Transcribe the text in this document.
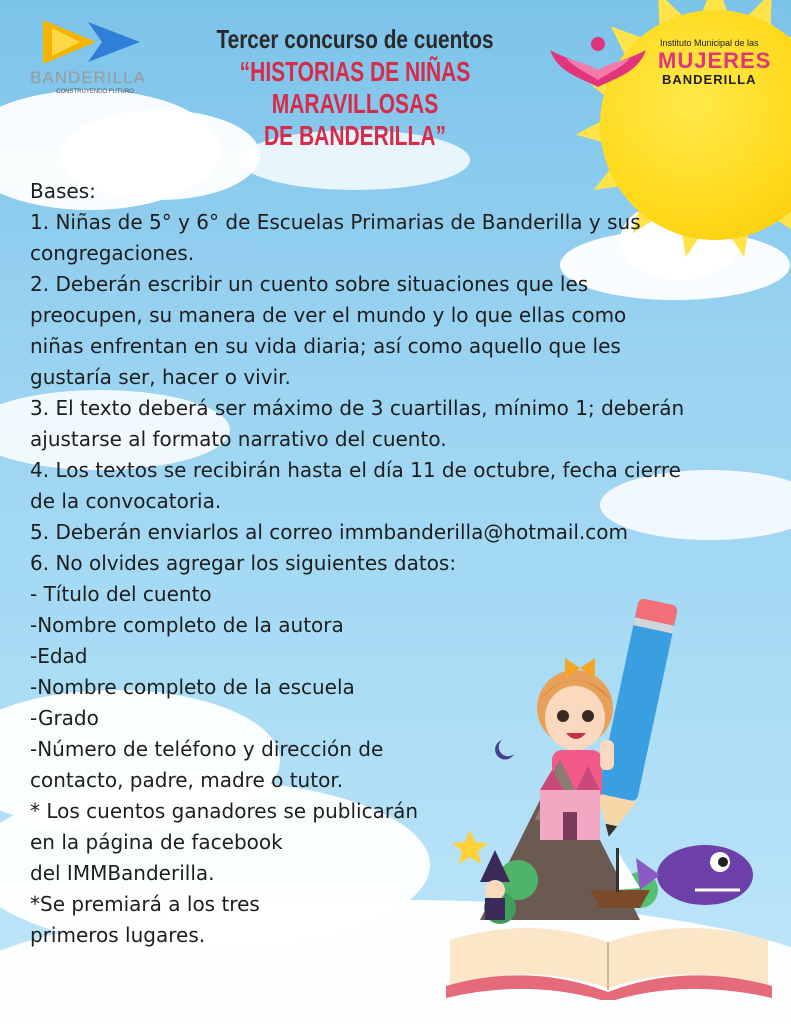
BANDERILLA
CONSTRUYENDO FUTURO
Tercer concurso de cuentos
“HISTORIAS DE NIÑAS MARAVILLOSAS
DE BANDERILLA”
Instituto Municipal de las
MUJERES
BANDERILLA
Bases:
1. Niñas de 5° y 6° de Escuelas Primarias de Banderilla y sus
congregaciones.
2. Deberán escribir un cuento sobre situaciones que les
preocupen, su manera de ver el mundo y lo que ellas como
niñas enfrentan en su vida diaria; así como aquello que les
gustaría ser, hacer o vivir.
3. El texto deberá ser máximo de 3 cuartillas, mínimo 1; deberán
ajustarse al formato narrativo del cuento.
4. Los textos se recibirán hasta el día 11 de octubre, fecha cierre
de la convocatoria.
5. Deberán enviarlos al correo immbanderilla@hotmail.com
6. No olvides agregar los siguientes datos:
- Título del cuento
-Nombre completo de la autora
-Edad
-Nombre completo de la escuela
-Grado
-Número de teléfono y dirección de
contacto, padre, madre o tutor.
* Los cuentos ganadores se publicarán
en la página de facebook
del IMMBanderilla.
*Se premiará a los tres
primeros lugares.
